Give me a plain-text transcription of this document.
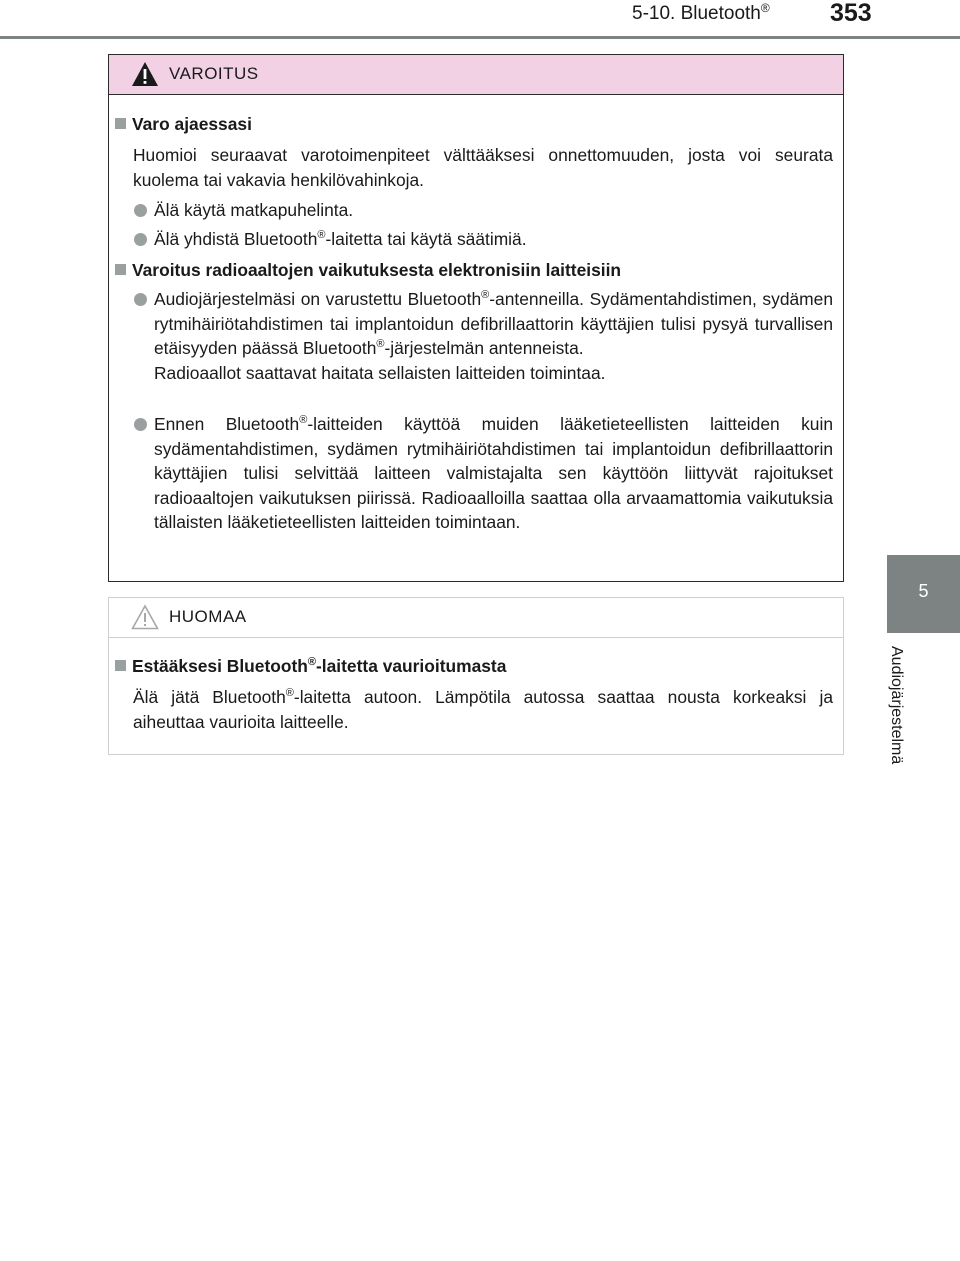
5-10. Bluetooth® 353
5
Audiojärjestelmä
VAROITUS
Varo ajaessasi
Huomioi seuraavat varotoimenpiteet välttääksesi onnettomuuden, josta voi seurata kuolema tai vakavia henkilövahinkoja.
Älä käytä matkapuhelinta.
Älä yhdistä Bluetooth®-laitetta tai käytä säätimiä.
Varoitus radioaaltojen vaikutuksesta elektronisiin laitteisiin
Audiojärjestelmäsi on varustettu Bluetooth®-antenneilla. Sydämentahdistimen, sydämen rytmihäiriötahdistimen tai implantoidun defibrillaattorin käyttäjien tulisi pysyä turvallisen etäisyyden päässä Bluetooth®-järjestelmän antenneista.
Radioaallot saattavat haitata sellaisten laitteiden toimintaa.
Ennen Bluetooth®-laitteiden käyttöä muiden lääketieteellisten laitteiden kuin sydämentahdistimen, sydämen rytmihäiriötahdistimen tai implantoidun defibrillaattorin käyttäjien tulisi selvittää laitteen valmistajalta sen käyttöön liittyvät rajoitukset radioaaltojen vaikutuksen piirissä. Radioaalloilla saattaa olla arvaamattomia vaikutuksia tällaisten lääketieteellisten laitteiden toimintaan.
HUOMAA
Estääksesi Bluetooth®-laitetta vaurioitumasta
Älä jätä Bluetooth®-laitetta autoon. Lämpötila autossa saattaa nousta korkeaksi ja aiheuttaa vaurioita laitteelle.
